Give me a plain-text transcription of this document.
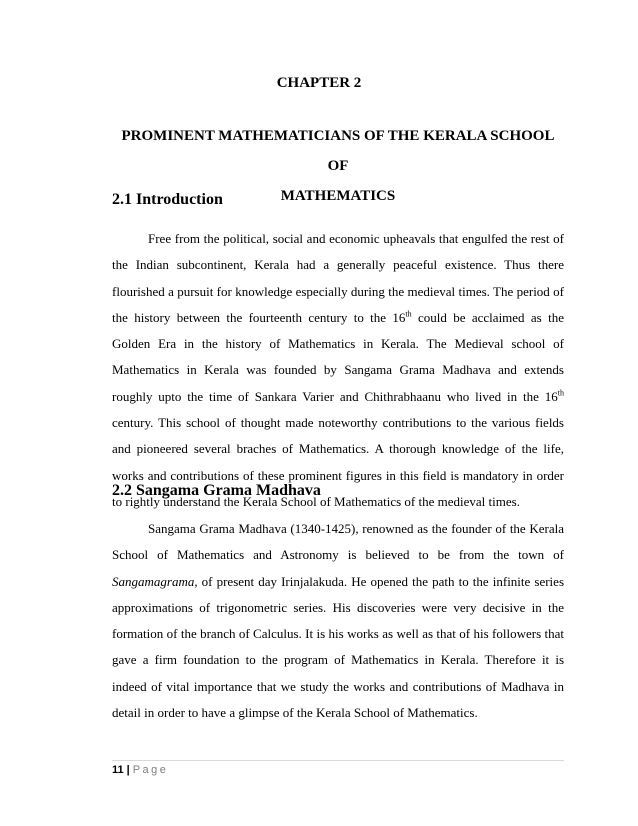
CHAPTER 2
PROMINENT MATHEMATICIANS OF THE KERALA SCHOOL OF
MATHEMATICS
2.1 Introduction

Free from the political, social and economic upheavals that engulfed the rest of the Indian subcontinent, Kerala had a generally peaceful existence. Thus there flourished a pursuit for knowledge especially during the medieval times. The period of the history between the fourteenth century to the 16th could be acclaimed as the Golden Era in the history of Mathematics in Kerala. The Medieval school of Mathematics in Kerala was founded by Sangama Grama Madhava and extends roughly upto the time of Sankara Varier and Chithrabhaanu who lived in the 16th century. This school of thought made noteworthy contributions to the various fields and pioneered several braches of Mathematics. A thorough knowledge of the life, works and contributions of these prominent figures in this field is mandatory in order to rightly understand the Kerala School of Mathematics of the medieval times.

2.2 Sangama Grama Madhava

Sangama Grama Madhava (1340-1425), renowned as the founder of the Kerala School of Mathematics and Astronomy is believed to be from the town of Sangamagrama, of present day Irinjalakuda. He opened the path to the infinite series approximations of trigonometric series. His discoveries were very decisive in the formation of the branch of Calculus. It is his works as well as that of his followers that gave a firm foundation to the program of Mathematics in Kerala. Therefore it is indeed of vital importance that we study the works and contributions of Madhava in detail in order to have a glimpse of the Kerala School of Mathematics.

11 | Page
